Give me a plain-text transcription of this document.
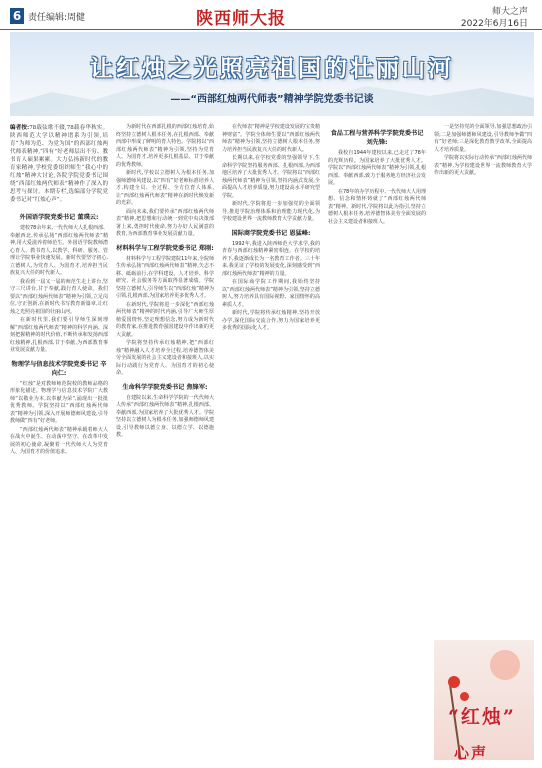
6 责任编辑:周健	陕西师大报	师大之声
2022年6月16日
让红烛之光照亮祖国的壮丽山河
——“西部红烛两代师表”精神学院党委书记谈
编者按:78载弦歌不辍,78载春华秋实。陕西师范大学以精神谱系为引领,培育“为师为范、为党为国”的西部红烛两代师表精神,“四有”好老师层出不穷、教书育人硕果累累。大力弘扬新时代的教育家精神,学校党委组织师生“我心中的红烛”精神大讨论,各院学院党委书记围绕“西部红烛两代师表”精神作了深入的思考与探讨。本期专栏,选编部分学院党委书记对“红烛心声”。
外国语学院党委书记 董璞云:

建校78余年来,一代代师大人扎根西部、奉献西北,传承弘扬“西部红烛两代师表”精神,用大爱滋养着师范生。外国语学院教师潜心育人、教书育人,以教学、科研、服务、管理让学院事业快速发展。新时代要坚守初心,立德树人,为党育人、为国育才,培养担当民族复兴大任的时代新人。

我看到一届又一届的师范生走上讲台,坚守三尺讲台,甘于奉献,践行育人使命。我们要以“西部红烛两代师表”精神为引领,立足岗位,守正创新,在新时代书写教育新篇章,让红烛之光照亮祖国的壮丽山河。

在新时代里,我们要引导师生深刻理解“西部红烛两代师表”精神的科学内涵、深刻把握精神的时代价值,不断传承和发扬西部红烛精神,扎根西部,甘于奉献,为西部教育事业发展贡献力量。

物理学与信息技术学院党委书记 辛向仁:

“红烛”是对教师师范院校的教师品格的形象化描述。物理学与信息技术学院广大教师“以敬业为本,以奉献为荣”,涌现出一批批优秀教师。学院坚持以“西部红烛两代师表”精神为引领,深入开展师德师风建设,引导教师做“四有”好老师。

“西部红烛两代师表”精神承载着师大人在战火中诞生、在动荡中坚守、在改革中发展的初心使命,凝聚着一代代师大人为党育人、为国育才的价值追求。

为新时代在西部扎根的西部红烛培育,始终坚持立德树人根本任务,在扎根西部、奉献西部中形成了鲜明的育人特色。学院将以“西部红烛两代师表”精神为引领,坚持为党育人、为国育才,培养更多扎根基层、甘于奉献的优秀教师。

新时代,学校以立德树人为根本任务,加强师德师风建设,以“四有”好老师标准培养人才,构建全员、全过程、全方位育人体系,让“西部红烛两代师表”精神在新时代焕发新的光彩。

面向未来,我们要传承“西部红烛两代师表”精神,把思想和行动统一到党中央决策部署上来,勇担时代使命,努力办好人民满意的教育,为西部教育事业发展贡献力量。

材料科学与工程学院党委书记 郑刚:

材料科学与工程学院建院11年来,全院师生传承弘扬“西部红烛两代师表”精神,矢志不移、砥砺前行,在学科建设、人才培养、科学研究、社会服务等方面取得显著成绩。学院坚持立德树人,引导师生以“西部红烛”精神为引领,扎根西部,为国家培养更多优秀人才。

在新时代,学院将进一步深化“西部红烛两代师表”精神的时代内涵,引导广大师生厚植爱国情怀,坚定理想信念,努力成为新时代的教育家,在推进教育强国建设中作出新的更大贡献。

学院将坚持传承红烛精神,把“西部红烛”精神融入人才培养全过程,培养德智体美劳全面发展的社会主义建设者和接班人,以实际行动践行为党育人、为国育才的初心使命。

生命科学学院党委书记 焦锋军:

自建院以来,生命科学学院的一代代师大人传承“西部红烛两代师表”精神,扎根西部、奉献西部,为国家培养了大批优秀人才。学院坚持以立德树人为根本任务,加强师德师风建设,引导教师以德立身、以德立学、以德施教。

在代师表“精神是学校建设发展的宝贵精神财富”。学院全体师生要以“西部红烛两代师表”精神为引领,坚持立德树人根本任务,努力培养担当民族复兴大任的时代新人。

长期以来,在学校党委的坚强领导下,生命科学学院坚持服务西部、扎根西部,为西部地区培养了大批优秀人才。学院将以“西部红烛两代师表”精神为引领,坚持内涵式发展,全面提高人才培养质量,努力建设高水平研究型学院。

新时代,学院将进一步加强党的全面领导,推进学院治理体系和治理能力现代化,为学校建设世界一流教师教育大学贡献力量。

国际商学院党委书记 恩猛峰:

1992年,我进入陕西师范大学求学,我的青春与西部红烛精神紧密相连。在学校的培养下,我逐渐成长为一名教育工作者。三十年来,我见证了学校的发展变化,深刻感受到“西部红烛两代师表”精神的力量。

在国际商学院工作期间,我始终坚持以“西部红烛两代师表”精神为引领,坚持立德树人,努力培养具有国际视野、家国情怀的高素质人才。

新时代,学院将传承红烛精神,坚持开放办学,深化国际交流合作,努力为国家培养更多优秀的国际化人才。

食品工程与营养科学学院党委书记 刘先锋:

我校自1944年建校以来,已走过了78年的光辉历程。为国家培养了大批优秀人才。学院以“西部红烛两代师表”精神为引领,扎根西部、奉献西部,致力于服务地方经济社会发展。

在78年的办学历程中,一代代师大人用理想、信念和情怀铸就了“西部红烛两代师表”精神。新时代,学院将以此为指引,坚持立德树人根本任务,培养德智体美劳全面发展的社会主义建设者和接班人。

一是坚持党的全面领导,加强思想政治引领;二是加强师德师风建设,引导教师争做“四有”好老师;三是深化教育教学改革,全面提高人才培养质量。

学院将以实际行动传承“西部红烛两代师表”精神,为学校建设世界一流教师教育大学作出新的更大贡献。

“红烛”
$_{心声}$
